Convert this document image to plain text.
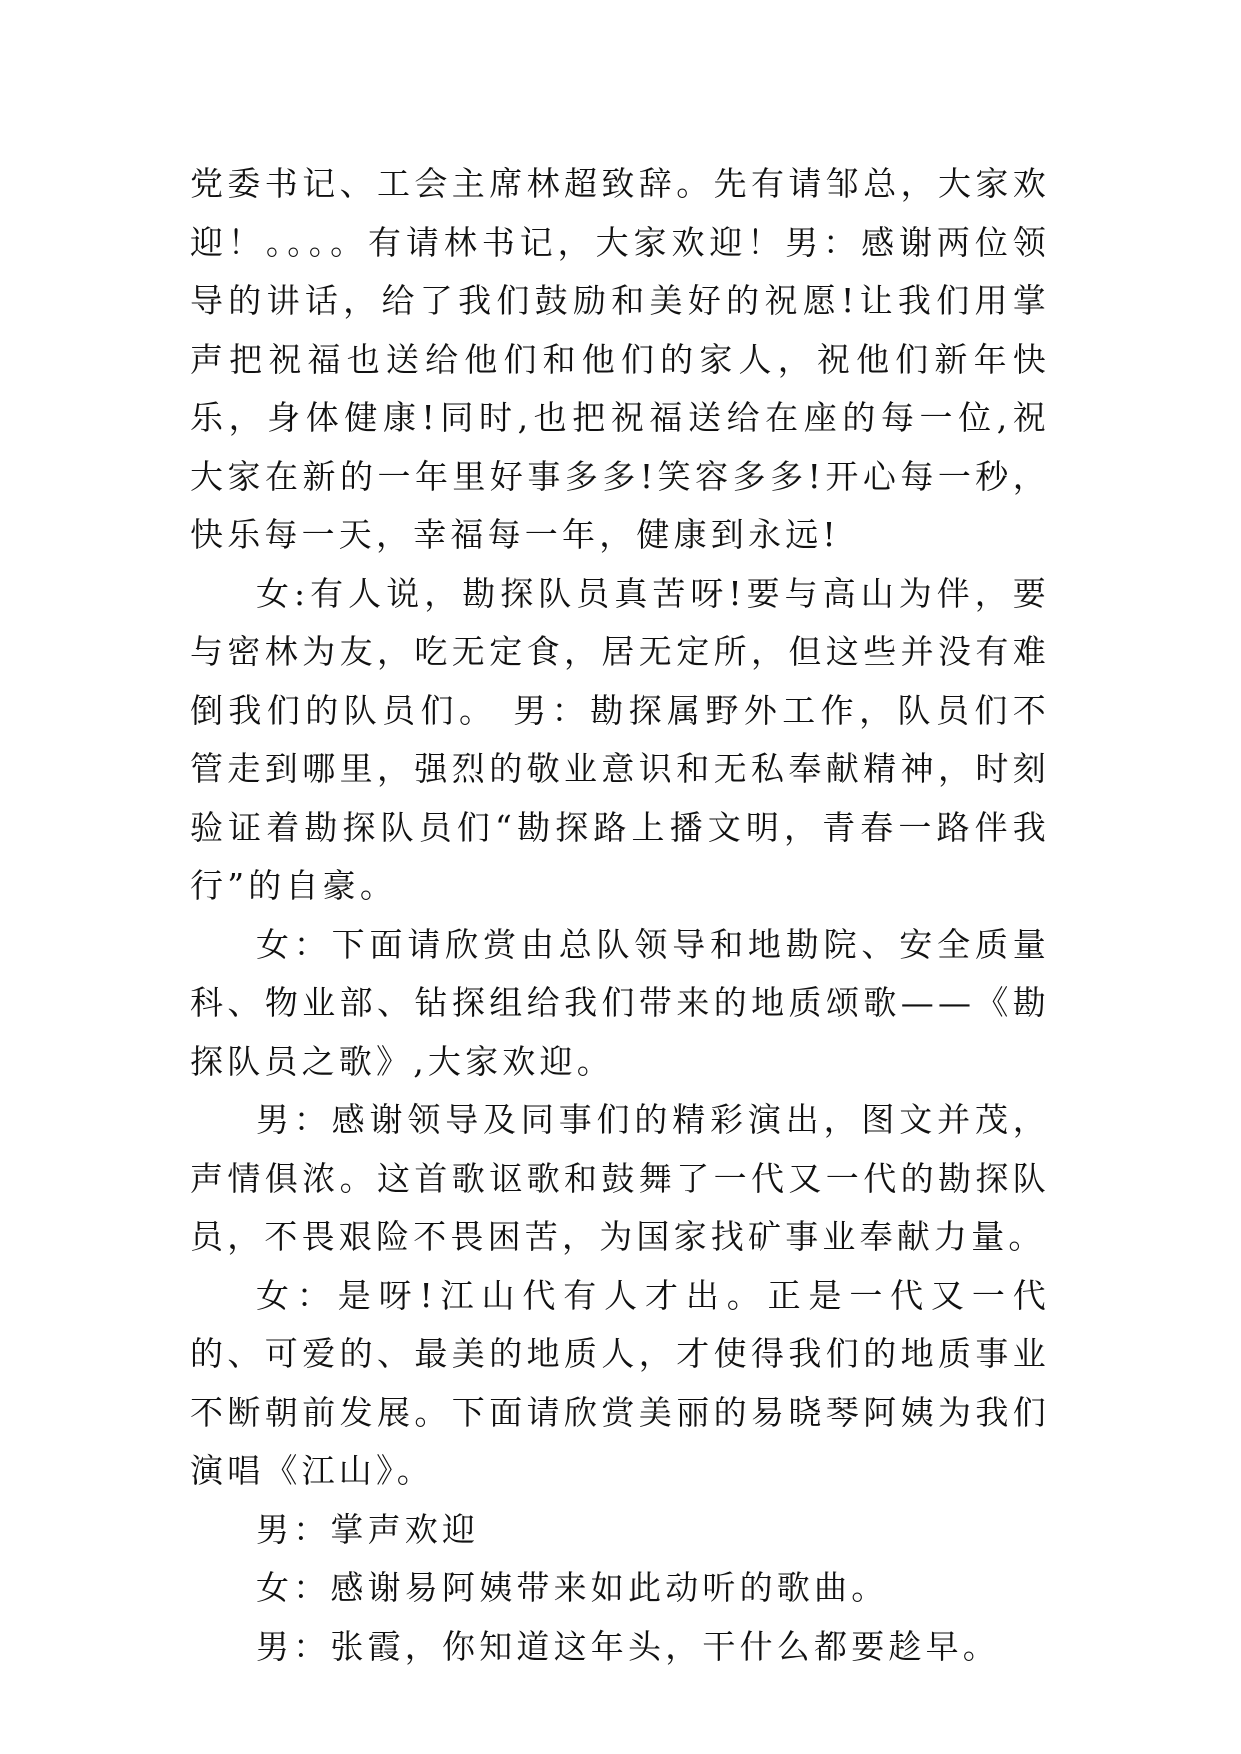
党委书记、工会主席林超致辞。先有请邹总，大家欢迎！。。。。有请林书记，大家欢迎！男：感谢两位领导的讲话，给了我们鼓励和美好的祝愿!让我们用掌声把祝福也送给他们和他们的家人，祝他们新年快乐，身体健康!同时,也把祝福送给在座的每一位,祝大家在新的一年里好事多多!笑容多多!开心每一秒，快乐每一天，幸福每一年，健康到永远!

女:有人说，勘探队员真苦呀!要与高山为伴，要与密林为友，吃无定食，居无定所，但这些并没有难倒我们的队员们。 男：勘探属野外工作，队员们不管走到哪里，强烈的敬业意识和无私奉献精神，时刻验证着勘探队员们“勘探路上播文明，青春一路伴我行”的自豪。

女：下面请欣赏由总队领导和地勘院、安全质量科、物业部、钻探组给我们带来的地质颂歌——《勘探队员之歌》,大家欢迎。

男：感谢领导及同事们的精彩演出，图文并茂，声情俱浓。这首歌讴歌和鼓舞了一代又一代的勘探队员，不畏艰险不畏困苦，为国家找矿事业奉献力量。

女：是呀!江山代有人才出。正是一代又一代的、可爱的、最美的地质人，才使得我们的地质事业不断朝前发展。下面请欣赏美丽的易晓琴阿姨为我们演唱《江山》。

男：掌声欢迎

女：感谢易阿姨带来如此动听的歌曲。

男：张霞，你知道这年头，干什么都要趁早。
